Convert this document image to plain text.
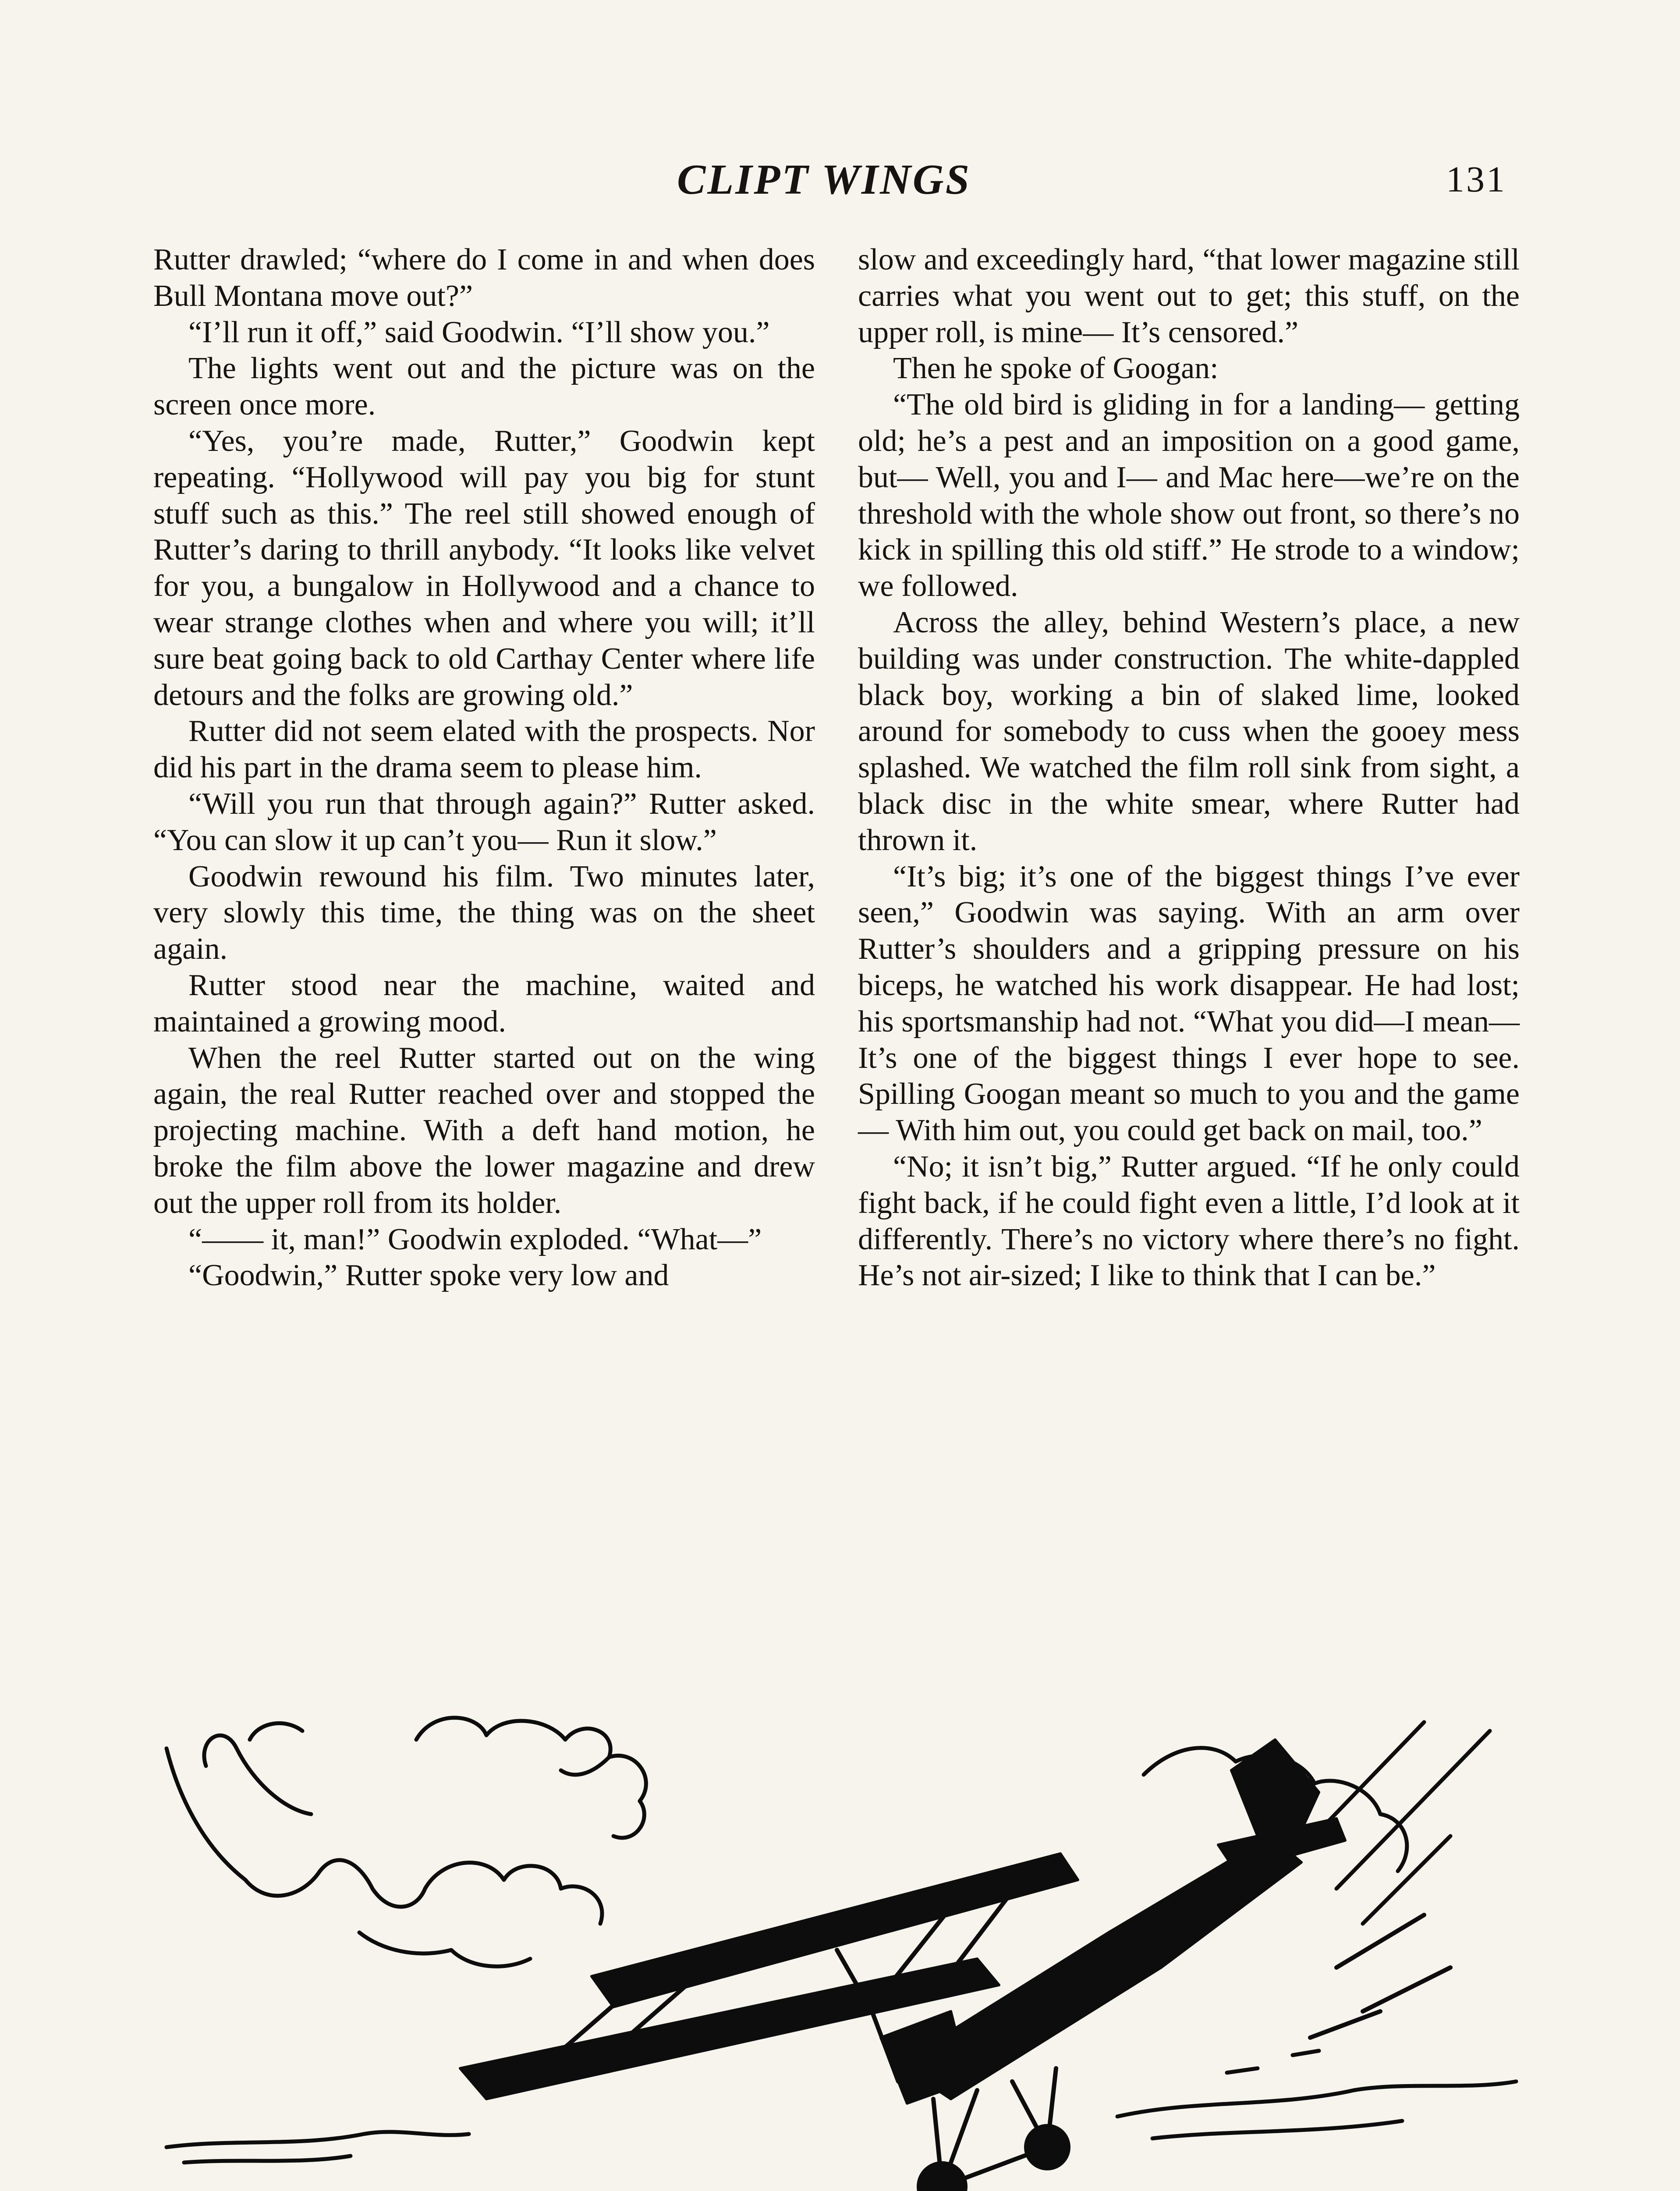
CLIPT WINGS	131

Rutter drawled; “where do I come in and when does Bull Montana move out?”

“I’ll run it off,” said Goodwin. “I’ll show you.”

The lights went out and the picture was on the screen once more.

“Yes, you’re made, Rutter,” Goodwin kept repeating. “Hollywood will pay you big for stunt stuff such as this.” The reel still showed enough of Rutter’s daring to thrill anybody. “It looks like velvet for you, a bungalow in Hollywood and a chance to wear strange clothes when and where you will; it’ll sure beat going back to old Carthay Center where life detours and the folks are growing old.”

Rutter did not seem elated with the prospects. Nor did his part in the drama seem to please him.

“Will you run that through again?” Rutter asked. “You can slow it up can’t you— Run it slow.”

Goodwin rewound his film. Two minutes later, very slowly this time, the thing was on the sheet again.

Rutter stood near the machine, waited and maintained a growing mood.

When the reel Rutter started out on the wing again, the real Rutter reached over and stopped the projecting machine. With a deft hand motion, he broke the film above the lower magazine and drew out the upper roll from its holder.

“—— it, man!” Goodwin exploded. “What—”

“Goodwin,” Rutter spoke very low and

slow and exceedingly hard, “that lower magazine still carries what you went out to get; this stuff, on the upper roll, is mine— It’s censored.”

Then he spoke of Googan:

“The old bird is gliding in for a landing— getting old; he’s a pest and an imposition on a good game, but— Well, you and I— and Mac here—we’re on the threshold with the whole show out front, so there’s no kick in spilling this old stiff.” He strode to a window; we followed.

Across the alley, behind Western’s place, a new building was under construction. The white-dappled black boy, working a bin of slaked lime, looked around for somebody to cuss when the gooey mess splashed. We watched the film roll sink from sight, a black disc in the white smear, where Rutter had thrown it.

“It’s big; it’s one of the biggest things I’ve ever seen,” Goodwin was saying. With an arm over Rutter’s shoulders and a gripping pressure on his biceps, he watched his work disappear. He had lost; his sportsmanship had not. “What you did—I mean—It’s one of the biggest things I ever hope to see. Spilling Googan meant so much to you and the game— With him out, you could get back on mail, too.”

“No; it isn’t big,” Rutter argued. “If he only could fight back, if he could fight even a little, I’d look at it differently. There’s no victory where there’s no fight. He’s not air-sized; I like to think that I can be.”
